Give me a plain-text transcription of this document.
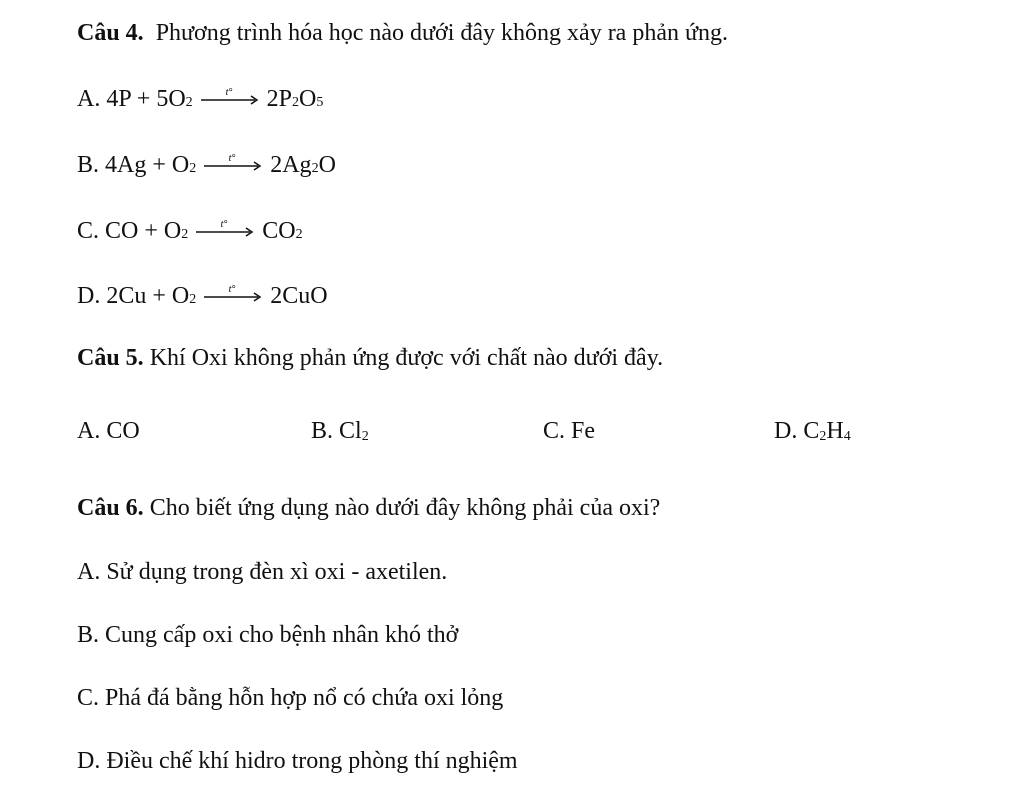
Câu 4. Phương trình hóa học nào dưới đây không xảy ra phản ứng.
A. 4P + 5O 2
t° 2P 2 O 5
B. 4Ag + O 2
t° 2Ag 2 O
C. CO + O 2
t° CO 2
D. 2Cu + O 2
t° 2CuO
Câu 5. Khí Oxi không phản ứng được với chất nào dưới đây.
A. CO	B. $Cl_2$	C. Fe	D. $C_2H_4$
Câu 6. Cho biết ứng dụng nào dưới đây không phải của oxi?
A. Sử dụng trong đèn xì oxi - axetilen.
B. Cung cấp oxi cho bệnh nhân khó thở
C. Phá đá bằng hỗn hợp nổ có chứa oxi lỏng
D. Điều chế khí hidro trong phòng thí nghiệm
